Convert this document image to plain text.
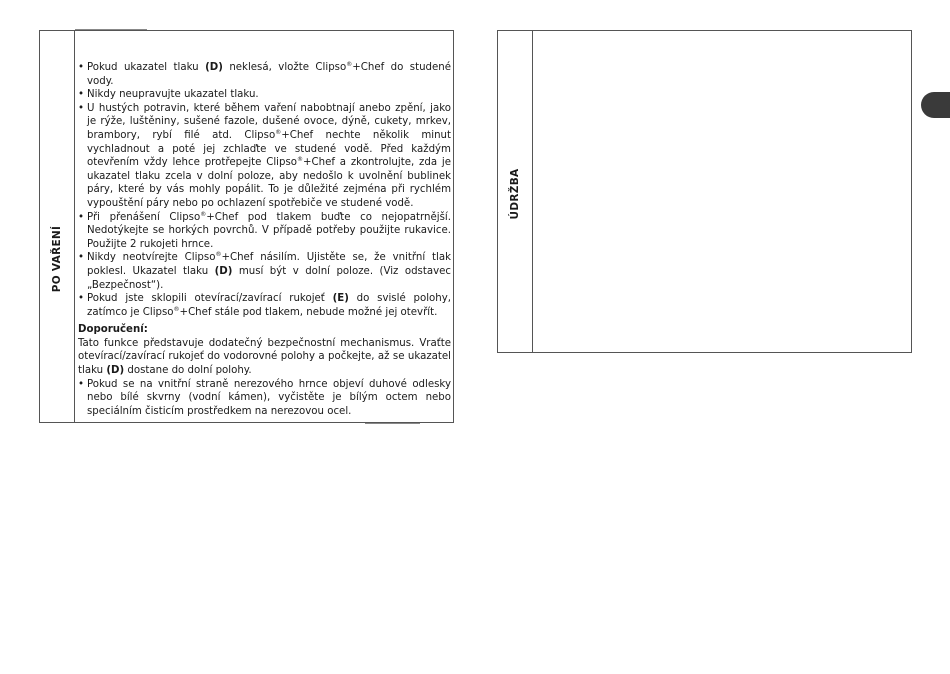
PO VAŘENÍ
• Pokud ukazatel tlaku (D) neklesá, vložte Clipso®+Chef do studené vody.
• Nikdy neupravujte ukazatel tlaku.
• U hustých potravin, které během vaření nabobtnají anebo zpění, jako je rýže, luštěniny, sušené fazole, dušené ovoce, dýně, cukety, mrkev, brambory, rybí filé atd. Clipso®+Chef nechte několik minut vychladnout a poté jej zchlaďte ve studené vodě. Před každým otevřením vždy lehce protřepejte Clipso®+Chef a zkontrolujte, zda je ukazatel tlaku zcela v dolní poloze, aby nedošlo k uvolnění bublinek páry, které by vás mohly popálit. To je důležité zejména při rychlém vypouštění páry nebo po ochlazení spotřebiče ve studené vodě.
• Při přenášení Clipso®+Chef pod tlakem buďte co nejopatrnější. Nedotýkejte se horkých povrchů. V případě potřeby použijte rukavice. Použijte 2 rukojeti hrnce.
• Nikdy neotvírejte Clipso®+Chef násilím. Ujistěte se, že vnitřní tlak poklesl. Ukazatel tlaku (D) musí být v dolní poloze. (Viz odstavec „Bezpečnost“).
• Pokud jste sklopili otevírací/zavírací rukojeť (E) do svislé polohy, zatímco je Clipso®+Chef stále pod tlakem, nebude možné jej otevřít.
Doporučení:
Tato funkce představuje dodatečný bezpečnostní mechanismus. Vraťte otevírací/zavírací rukojeť do vodorovné polohy a počkejte, až se ukazatel tlaku (D) dostane do dolní polohy.
• Pokud se na vnitřní straně nerezového hrnce objeví duhové odlesky nebo bílé skvrny (vodní kámen), vyčistěte je bílým octem nebo speciálním čisticím prostředkem na nerezovou ocel.
ÚDRŽBA
